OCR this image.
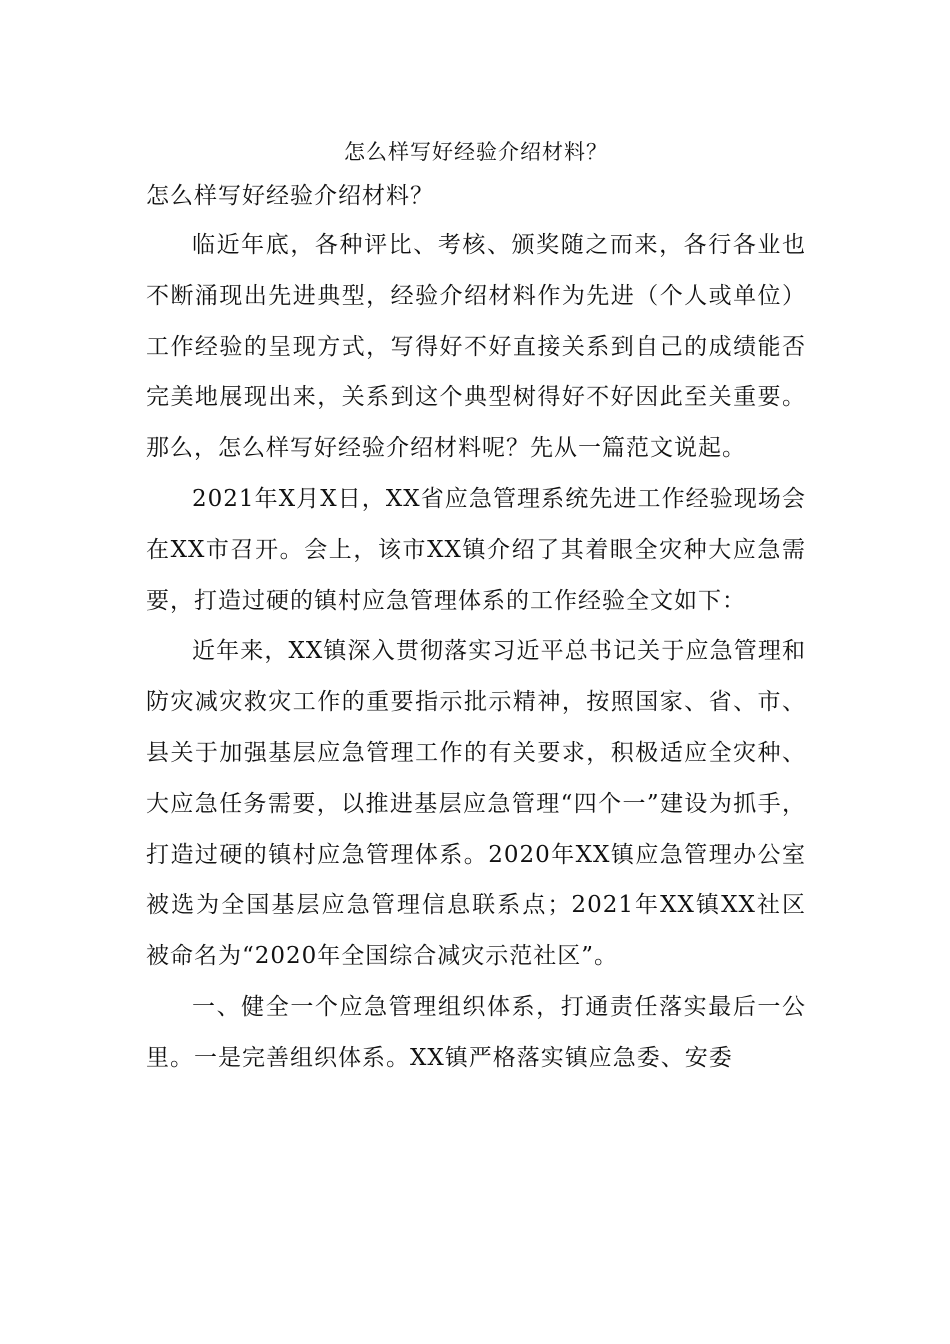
怎么样写好经验介绍材料？

怎么样写好经验介绍材料？

临近年底，各种评比、考核、颁奖随之而来，各行各业也不断涌现出先进典型，经验介绍材料作为先进（个人或单位）工作经验的呈现方式，写得好不好直接关系到自己的成绩能否完美地展现出来，关系到这个典型树得好不好因此至关重要。那么，怎么样写好经验介绍材料呢？先从一篇范文说起。

2021年X月X日，XX省应急管理系统先进工作经验现场会在XX市召开。会上，该市XX镇介绍了其着眼全灾种大应急需要，打造过硬的镇村应急管理体系的工作经验全文如下：

近年来，XX镇深入贯彻落实习近平总书记关于应急管理和防灾减灾救灾工作的重要指示批示精神，按照国家、省、市、县关于加强基层应急管理工作的有关要求，积极适应全灾种、大应急任务需要，以推进基层应急管理“四个一”建设为抓手，打造过硬的镇村应急管理体系。2020年XX镇应急管理办公室被选为全国基层应急管理信息联系点；2021年XX镇XX社区被命名为“2020年全国综合减灾示范社区”。

一、健全一个应急管理组织体系，打通责任落实最后一公里。一是完善组织体系。XX镇严格落实镇应急委、安委
